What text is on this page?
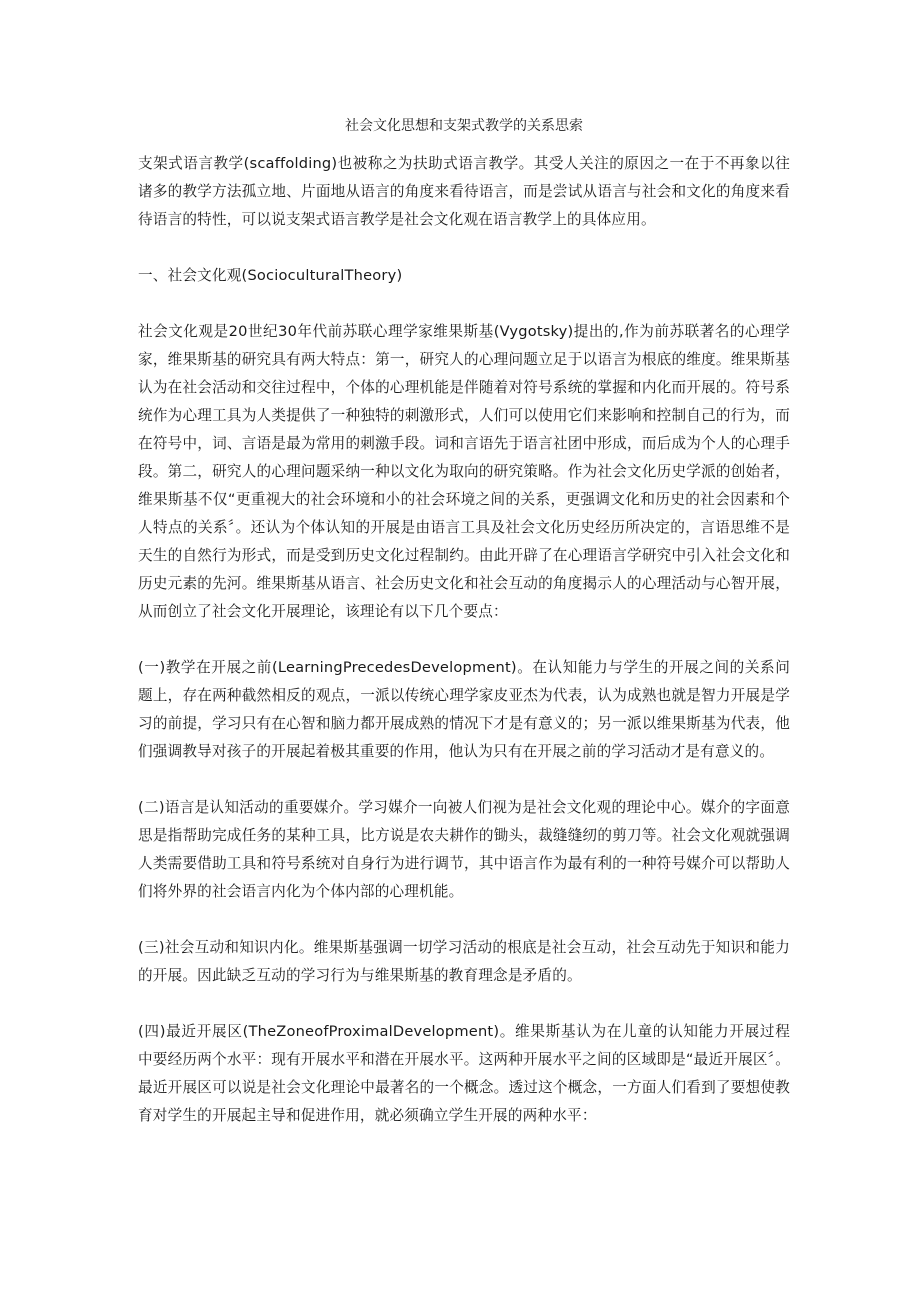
社会文化思想和支架式教学的关系思索

支架式语言教学(scaffolding)也被称之为扶助式语言教学。其受人关注的原因之一在于不再象以往诸多的教学方法孤立地、片面地从语言的角度来看待语言，而是尝试从语言与社会和文化的角度来看待语言的特性，可以说支架式语言教学是社会文化观在语言教学上的具体应用。

一、社会文化观(SocioculturalTheory)

社会文化观是20世纪30年代前苏联心理学家维果斯基(Vygotsky)提出的,作为前苏联著名的心理学家，维果斯基的研究具有两大特点：第一，研究人的心理问题立足于以语言为根底的维度。维果斯基认为在社会活动和交往过程中，个体的心理机能是伴随着对符号系统的掌握和内化而开展的。符号系统作为心理工具为人类提供了一种独特的刺激形式，人们可以使用它们来影响和控制自己的行为，而在符号中，词、言语是最为常用的刺激手段。词和言语先于语言社团中形成，而后成为个人的心理手段。第二，研究人的心理问题采纳一种以文化为取向的研究策略。作为社会文化历史学派的创始者，维果斯基不仅“更重视大的社会环境和小的社会环境之间的关系，更强调文化和历史的社会因素和个人特点的关系〞。还认为个体认知的开展是由语言工具及社会文化历史经历所决定的，言语思维不是天生的自然行为形式，而是受到历史文化过程制约。由此开辟了在心理语言学研究中引入社会文化和历史元素的先河。维果斯基从语言、社会历史文化和社会互动的角度揭示人的心理活动与心智开展，从而创立了社会文化开展理论，该理论有以下几个要点：

(一)教学在开展之前(LearningPrecedesDevelopment)。在认知能力与学生的开展之间的关系问题上，存在两种截然相反的观点，一派以传统心理学家皮亚杰为代表，认为成熟也就是智力开展是学习的前提，学习只有在心智和脑力都开展成熟的情况下才是有意义的；另一派以维果斯基为代表，他们强调教导对孩子的开展起着极其重要的作用，他认为只有在开展之前的学习活动才是有意义的。

(二)语言是认知活动的重要媒介。学习媒介一向被人们视为是社会文化观的理论中心。媒介的字面意思是指帮助完成任务的某种工具，比方说是农夫耕作的锄头，裁缝缝纫的剪刀等。社会文化观就强调人类需要借助工具和符号系统对自身行为进行调节，其中语言作为最有利的一种符号媒介可以帮助人们将外界的社会语言内化为个体内部的心理机能。

(三)社会互动和知识内化。维果斯基强调一切学习活动的根底是社会互动，社会互动先于知识和能力的开展。因此缺乏互动的学习行为与维果斯基的教育理念是矛盾的。

(四)最近开展区(TheZoneofProximalDevelopment)。维果斯基认为在儿童的认知能力开展过程中要经历两个水平：现有开展水平和潜在开展水平。这两种开展水平之间的区域即是“最近开展区〞。最近开展区可以说是社会文化理论中最著名的一个概念。透过这个概念，一方面人们看到了要想使教育对学生的开展起主导和促进作用，就必须确立学生开展的两种水平：
